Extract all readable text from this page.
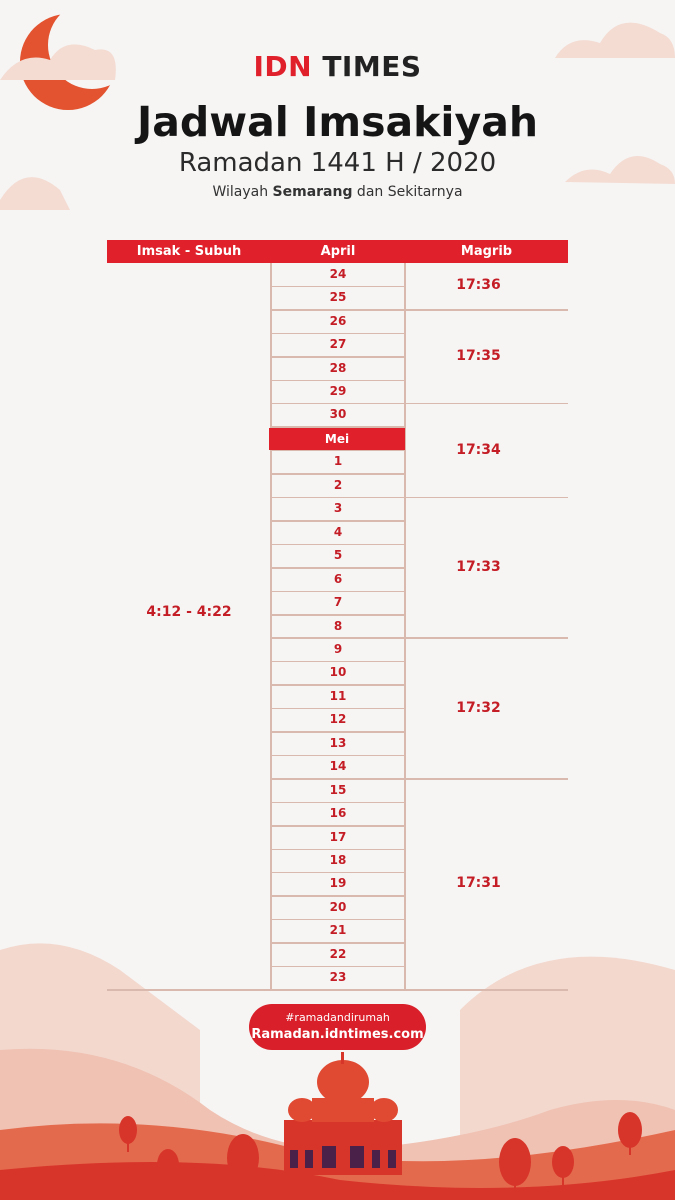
IDN TIMES
Jadwal Imsakiyah
Ramadan 1441 H / 2020
Wilayah Semarang dan Sekitarnya
Imsak - Subuh	April	Magrib
24
25
26
27
28
29
30
Mei
1
2
3
4
5
6
7
8
9
10
11
12
13
14
15
16
17
18
19
20
21
22
23
17:36
17:35
17:34
17:33
17:32
17:31
4:12 - 4:22
#ramadandirumah
Ramadan.idntimes.com
